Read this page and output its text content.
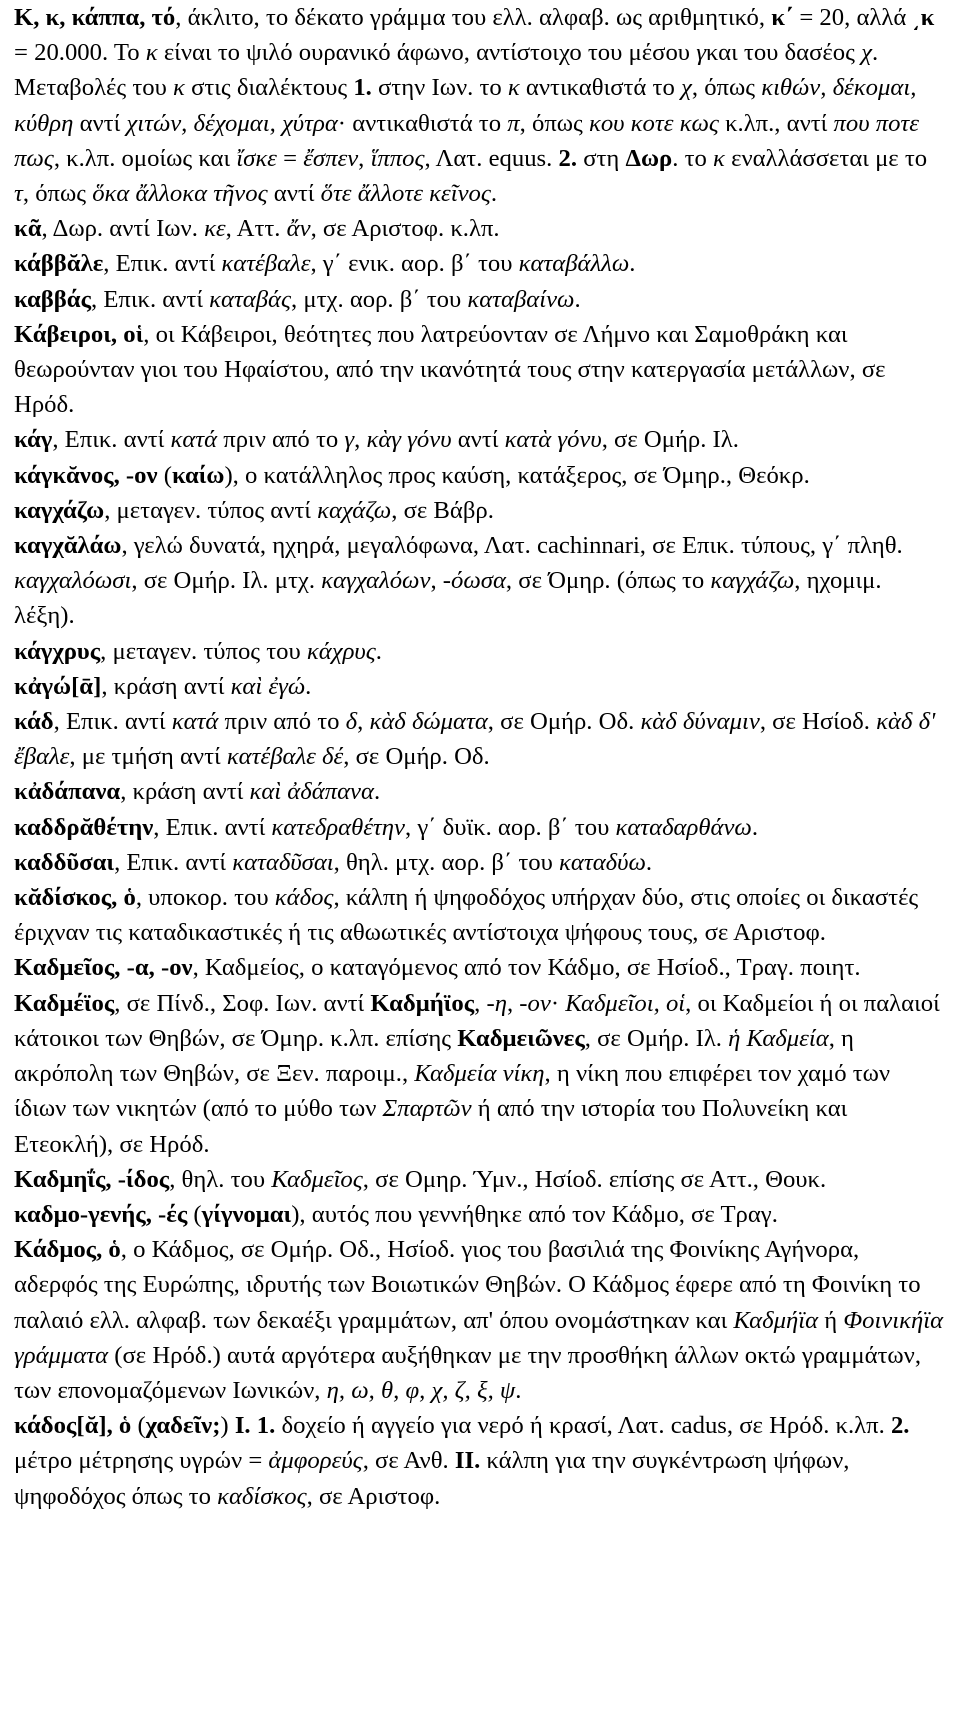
Κ, κ, κάππα, τό, άκλιτο, το δέκατο γράμμα του ελλ. αλφαβ. ως αριθμητικό, κ΄ = 20, αλλά ͵κ = 20.000. Το κ είναι το ψιλό ουρανικό άφωνο, αντίστοιχο του μέσου γκαι του δασέος χ.

Μεταβολές του κ στις διαλέκτους 1. στην Ιων. το κ αντικαθιστά το χ, όπως κιθών, δέκομαι, κύθρη αντί χιτών, δέχομαι, χύτρα· αντικαθιστά το π, όπως κου κοτε κως κ.λπ., αντί που ποτε πως, κ.λπ. ομοίως και ἴσκε = ἔσπεν, ἵππος, Λατ. equus. 2. στη Δωρ. το κ εναλλάσσεται με το τ, όπως ὅκα ἄλλοκα τῆνος αντί ὅτε ἄλλοτε κεῖνος.

κᾶ, Δωρ. αντί Ιων. κε, Αττ. ἄν, σε Αριστοφ. κ.λπ.

κάββᾰλε, Επικ. αντί κατέβαλε, γ΄ ενικ. αορ. β΄ του καταβάλλω.

καββάς, Επικ. αντί καταβάς, μτχ. αορ. β΄ του καταβαίνω.

Κάβειροι, οἱ, οι Κάβειροι, θεότητες που λατρεύονταν σε Λήμνο και Σαμοθράκη και θεωρούνταν γιοι του Ηφαίστου, από την ικανότητά τους στην κατεργασία μετάλλων, σε Ηρόδ.

κάγ, Επικ. αντί κατά πριν από το γ, κὰγ γόνυ αντί κατὰ γόνυ, σε Ομήρ. Ιλ.

κάγκᾰνος, -ον (καίω), ο κατάλληλος προς καύση, κατάξερος, σε Όμηρ., Θεόκρ.

καγχάζω, μεταγεν. τύπος αντί καχάζω, σε Βάβρ.

καγχᾰλάω, γελώ δυνατά, ηχηρά, μεγαλόφωνα, Λατ. cachinnari, σε Επικ. τύπους, γ΄ πληθ. καγχαλόωσι, σε Ομήρ. Ιλ. μτχ. καγχαλόων, -όωσα, σε Όμηρ. (όπως το καγχάζω, ηχομιμ. λέξη).

κάγχρυς, μεταγεν. τύπος του κάχρυς.

κἀγώ[ᾱ], κράση αντί καὶ ἐγώ.

κάδ, Επικ. αντί κατά πριν από το δ, κὰδ δώματα, σε Ομήρ. Οδ. κὰδ δύναμιν, σε Ησίοδ. κὰδ δ' ἔβαλε, με τμήση αντί κατέβαλε δέ, σε Ομήρ. Οδ.

κἀδάπανα, κράση αντί καὶ ἀδάπανα.

καδδρᾰθέτην, Επικ. αντί κατεδραθέτην, γ΄ δυϊκ. αορ. β΄ του καταδαρθάνω.

καδδῦσαι, Επικ. αντί καταδῦσαι, θηλ. μτχ. αορ. β΄ του καταδύω.

κᾰδίσκος, ὁ, υποκορ. του κάδος, κάλπη ή ψηφοδόχος υπήρχαν δύο, στις οποίες οι δικαστές έριχναν τις καταδικαστικές ή τις αθωωτικές αντίστοιχα ψήφους τους, σε Αριστοφ.

Καδμεῖος, -α, -ον, Καδμείος, ο καταγόμενος από τον Κάδμο, σε Ησίοδ., Τραγ. ποιητ. Καδμέϊος, σε Πίνδ., Σοφ. Ιων. αντί Καδμήϊος, -η, -ον· Καδμεῖοι, οἱ, οι Καδμείοι ή οι παλαιοί κάτοικοι των Θηβών, σε Όμηρ. κ.λπ. επίσης Καδμειῶνες, σε Ομήρ. Ιλ. ἡ Καδμεία, η ακρόπολη των Θηβών, σε Ξεν. παροιμ., Καδμεία νίκη, η νίκη που επιφέρει τον χαμό των ίδιων των νικητών (από το μύθο των Σπαρτῶν ή από την ιστορία του Πολυνείκη και Ετεοκλή), σε Ηρόδ.

Καδμηΐς, -ίδος, θηλ. του Καδμεῖος, σε Ομηρ. Ύμν., Ησίοδ. επίσης σε Αττ., Θουκ.

καδμο-γενής, -ές (γίγνομαι), αυτός που γεννήθηκε από τον Κάδμο, σε Τραγ.

Κάδμος, ὁ, ο Κάδμος, σε Ομήρ. Οδ., Ησίοδ. γιος του βασιλιά της Φοινίκης Αγήνορα, αδερφός της Ευρώπης, ιδρυτής των Βοιωτικών Θηβών. Ο Κάδμος έφερε από τη Φοινίκη το παλαιό ελλ. αλφαβ. των δεκαέξι γραμμάτων, απ' όπου ονομάστηκαν και Καδμήϊα ή Φοινικήϊα γράμματα (σε Ηρόδ.) αυτά αργότερα αυξήθηκαν με την προσθήκη άλλων οκτώ γραμμάτων, των επονομαζόμενων Ιωνικών, η, ω, θ, φ, χ, ζ, ξ, ψ.

κάδος[ᾰ], ὁ (χαδεῖν;) I. 1. δοχείο ή αγγείο για νερό ή κρασί, Λατ. cadus, σε Ηρόδ. κ.λπ. 2. μέτρο μέτρησης υγρών = ἀμφορεύς, σε Ανθ. II. κάλπη για την συγκέντρωση ψήφων, ψηφοδόχος όπως το καδίσκος, σε Αριστοφ.
